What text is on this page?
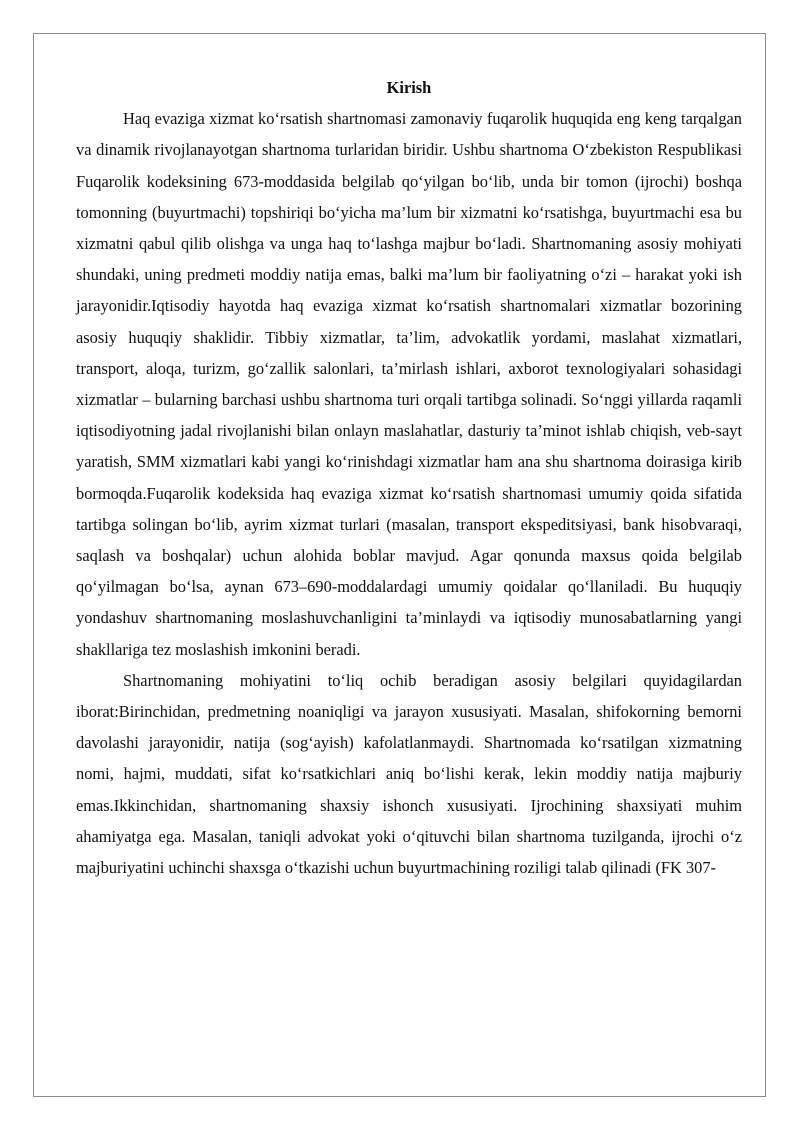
Kirish

Haq evaziga xizmat ko‘rsatish shartnomasi zamonaviy fuqarolik huquqida eng keng tarqalgan va dinamik rivojlanayotgan shartnoma turlaridan biridir. Ushbu shartnoma O‘zbekiston Respublikasi Fuqarolik kodeksining 673-moddasida belgilab qo‘yilgan bo‘lib, unda bir tomon (ijrochi) boshqa tomonning (buyurtmachi) topshiriqi bo‘yicha ma’lum bir xizmatni ko‘rsatishga, buyurtmachi esa bu xizmatni qabul qilib olishga va unga haq to‘lashga majbur bo‘ladi. Shartnomaning asosiy mohiyati shundaki, uning predmeti moddiy natija emas, balki ma’lum bir faoliyatning o‘zi – harakat yoki ish jarayonidir.Iqtisodiy hayotda haq evaziga xizmat ko‘rsatish shartnomalari xizmatlar bozorining asosiy huquqiy shaklidir. Tibbiy xizmatlar, ta’lim, advokatlik yordami, maslahat xizmatlari, transport, aloqa, turizm, go‘zallik salonlari, ta’mirlash ishlari, axborot texnologiyalari sohasidagi xizmatlar – bularning barchasi ushbu shartnoma turi orqali tartibga solinadi. So‘nggi yillarda raqamli iqtisodiyotning jadal rivojlanishi bilan onlayn maslahatlar, dasturiy ta’minot ishlab chiqish, veb-sayt yaratish, SMM xizmatlari kabi yangi ko‘rinishdagi xizmatlar ham ana shu shartnoma doirasiga kirib bormoqda.Fuqarolik kodeksida haq evaziga xizmat ko‘rsatish shartnomasi umumiy qoida sifatida tartibga solingan bo‘lib, ayrim xizmat turlari (masalan, transport ekspeditsiyasi, bank hisobvaraqi, saqlash va boshqalar) uchun alohida boblar mavjud. Agar qonunda maxsus qoida belgilab qo‘yilmagan bo‘lsa, aynan 673–690-moddalardagi umumiy qoidalar qo‘llaniladi. Bu huquqiy yondashuv shartnomaning moslashuvchanligini ta’minlaydi va iqtisodiy munosabatlarning yangi shakllariga tez moslashish imkonini beradi.

Shartnomaning mohiyatini to‘liq ochib beradigan asosiy belgilari quyidagilardan iborat:Birinchidan, predmetning noaniqligi va jarayon xususiyati. Masalan, shifokorning bemorni davolashi jarayonidir, natija (sog‘ayish) kafolatlanmaydi. Shartnomada ko‘rsatilgan xizmatning nomi, hajmi, muddati, sifat ko‘rsatkichlari aniq bo‘lishi kerak, lekin moddiy natija majburiy emas.Ikkinchidan, shartnomaning shaxsiy ishonch xususiyati. Ijrochining shaxsiyati muhim ahamiyatga ega. Masalan, taniqli advokat yoki o‘qituvchi bilan shartnoma tuzilganda, ijrochi o‘z majburiyatini uchinchi shaxsga o‘tkazishi uchun buyurtmachining roziligi talab qilinadi (FK 307-
